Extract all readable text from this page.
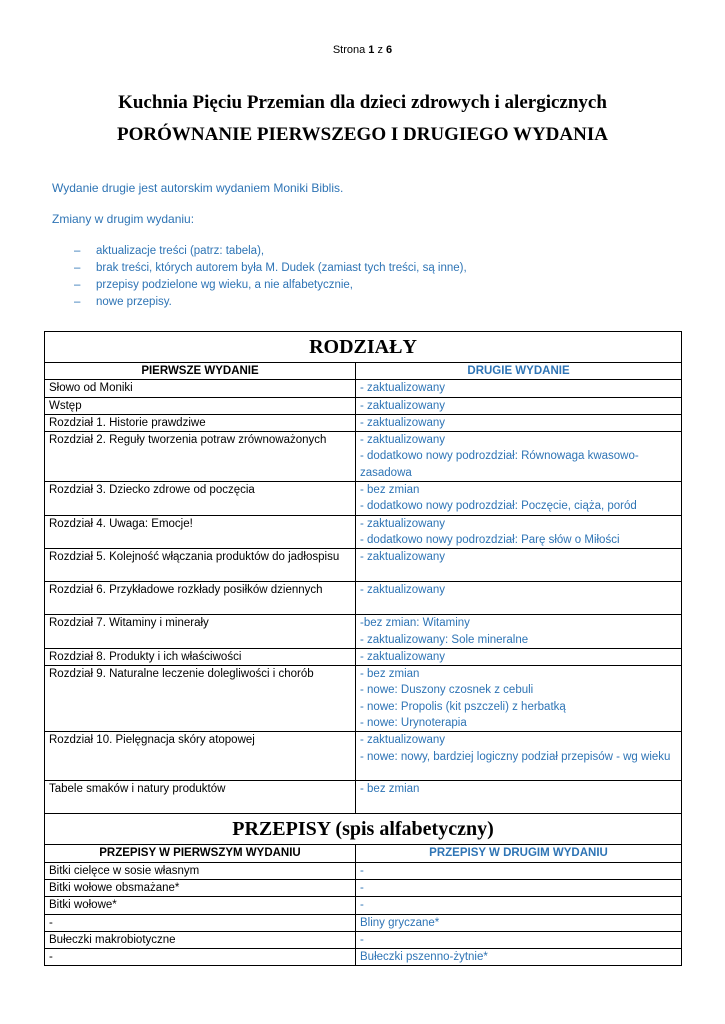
Strona 1 z 6
Kuchnia Pięciu Przemian dla dzieci zdrowych i alergicznych
PORÓWNANIE PIERWSZEGO I DRUGIEGO WYDANIA
Wydanie drugie jest autorskim wydaniem Moniki Biblis.
Zmiany w drugim wydaniu:
– aktualizacje treści (patrz: tabela),
– brak treści, których autorem była M. Dudek (zamiast tych treści, są inne),
– przepisy podzielone wg wieku, a nie alfabetycznie,
– nowe przepisy.
RODZIAŁY	
PIERWSZE WYDANIE	DRUGIE WYDANIE
Słowo od Moniki	- zaktualizowany

Wstęp	- zaktualizowany

Rozdział 1. Historie prawdziwe	- zaktualizowany

Rozdział 2. Reguły tworzenia potraw zrównoważonych	- zaktualizowany
- dodatkowo nowy podrozdział: Równowaga kwasowo-zasadowa

Rozdział 3. Dziecko zdrowe od poczęcia	- bez zmian
- dodatkowo nowy podrozdział: Poczęcie, ciąża, poród

Rozdział 4. Uwaga: Emocje!	- zaktualizowany
- dodatkowo nowy podrozdział: Parę słów o Miłości

Rozdział 5. Kolejność włączania produktów do jadłospisu	- zaktualizowany

Rozdział 6. Przykładowe rozkłady posiłków dziennych	- zaktualizowany

Rozdział 7. Witaminy i minerały	-bez zmian: Witaminy
- zaktualizowany: Sole mineralne

Rozdział 8. Produkty i ich właściwości	- zaktualizowany

Rozdział 9. Naturalne leczenie dolegliwości i chorób	- bez zmian
- nowe: Duszony czosnek z cebuli
- nowe: Propolis (kit pszczeli) z herbatką
- nowe: Urynoterapia

Rozdział 10. Pielęgnacja skóry atopowej	- zaktualizowany
- nowe: nowy, bardziej logiczny podział przepisów - wg wieku

Tabele smaków i natury produktów	- bez zmian

PRZEPISY (spis alfabetyczny)	
PRZEPISY W PIERWSZYM WYDANIU	PRZEPISY W DRUGIM WYDANIU
Bitki cielęce w sosie własnym	-
Bitki wołowe obsmażane*	-
Bitki wołowe*	-
-	Bliny gryczane*
Bułeczki makrobiotyczne	-
-	Bułeczki pszenno-żytnie*
